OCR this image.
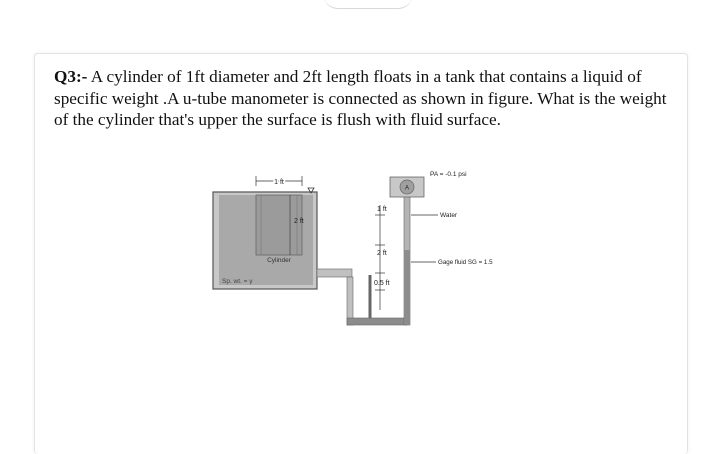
Q3:- A cylinder of 1ft diameter and 2ft length floats in a tank that contains a liquid of specific weight .A u-tube manometer is connected as shown in figure. What is the weight of the cylinder that's upper the surface is flush with fluid surface.
1 ft
2 ft
Cylinder
Sp. wt. = γ
A
PA = -0.1 psi
1 ft
2 ft
0.5 ft
Water
Gage fluid SG = 1.5
